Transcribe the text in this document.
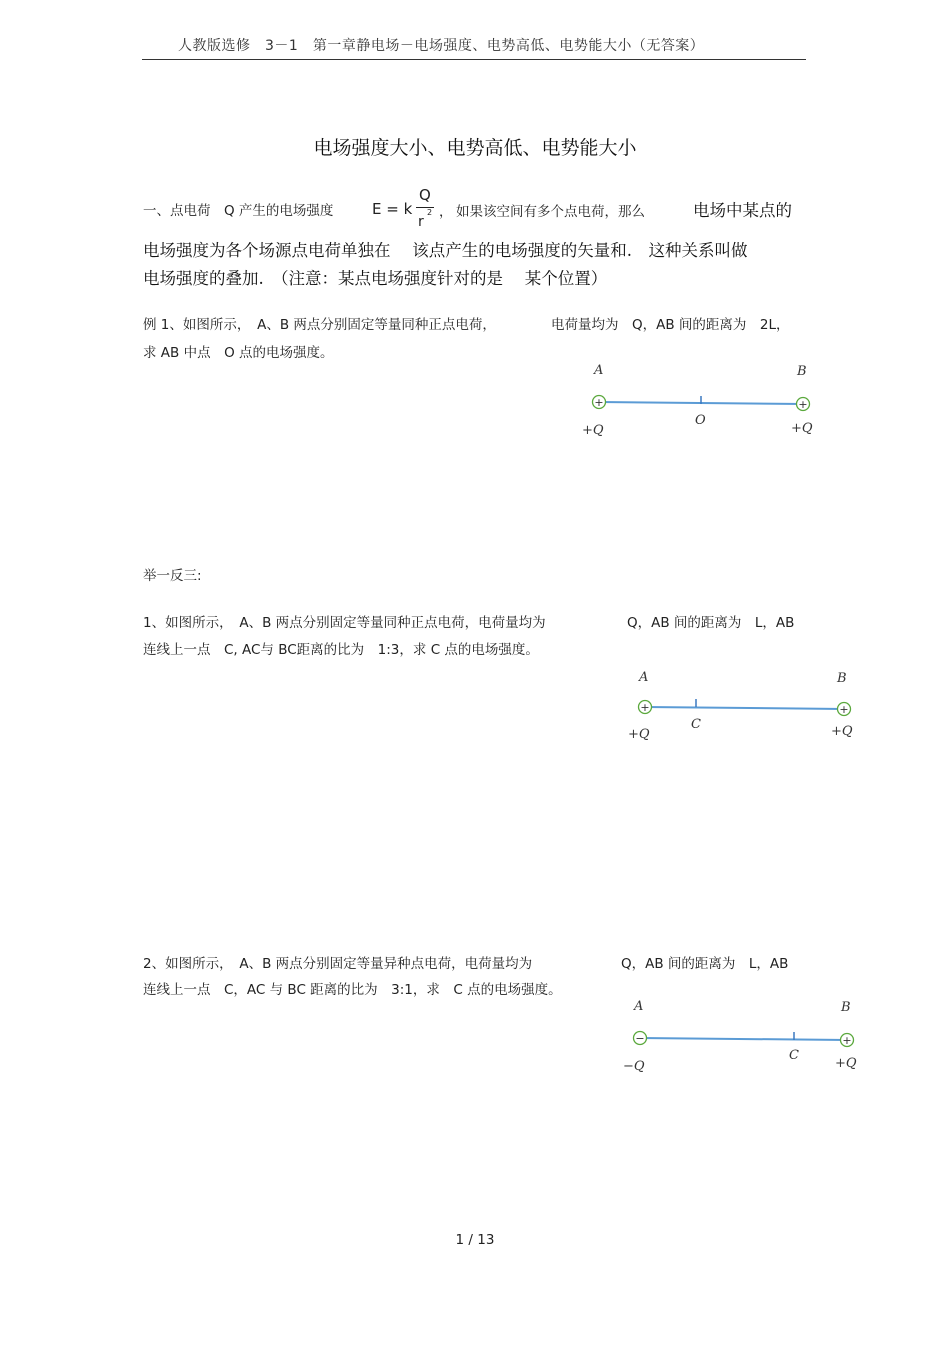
人教版选修　3－1　第一章静电场－电场强度、电势高低、电势能大小（无答案）
电场强度大小、电势高低、电势能大小
一、点电荷　Q 产生的电场强度	E = k
Q
r
2 ， 如果该空间有多个点电荷，那么	电场中某点的
电场强度为各个场源点电荷单独在　 该点产生的电场强度的矢量和.　这种关系叫做
电场强度的叠加.　（注意：某点电场强度针对的是　 某个位置）
例 1、如图所示，　A、B 两点分别固定等量同种正点电荷，	电荷量均为　Q，AB 间的距离为　2L，
求 AB 中点　O 点的电场强度。
A	B
+	+
O
+Q	+Q
举一反三:
1、如图所示，　A、B 两点分别固定等量同种正点电荷，电荷量均为	Q，AB 间的距离为　L，AB
连线上一点　C, AC与 BC距离的比为　1:3，求 C 点的电场强度。
A	B
+	+
C
+Q	+Q
2、如图所示，　A、B 两点分别固定等量异种点电荷，电荷量均为	Q，AB 间的距离为　L，AB
连线上一点　C，AC 与 BC 距离的比为　3:1，求　C 点的电场强度。
A	B
−	+
C
−Q	+Q
1 / 13
